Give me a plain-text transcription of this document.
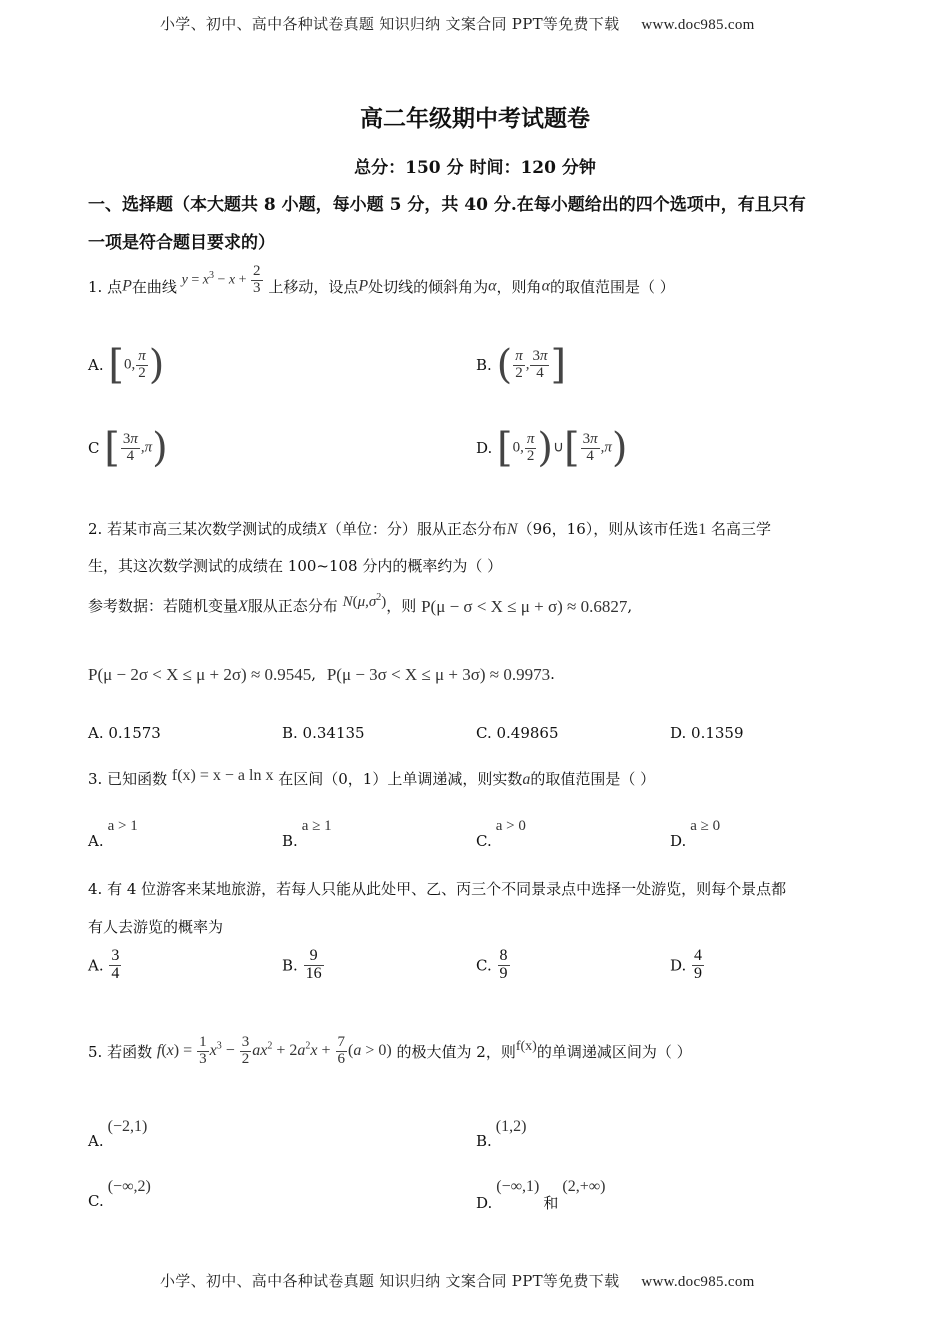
小学、初中、高中各种试卷真题 知识归纳 文案合同 PPT等免费下载 www.doc985.com
高二年级期中考试题卷
总分：150 分 时间：120 分钟
一、选择题（本大题共 8 小题，每小题 5 分，共 40 分.在每小题给出的四个选项中，有且只有
一项是符合题目要求的）
1. 点P在曲线 $y = x^3 - x + \frac{2}{3}$ 上移动，设点P处切线的倾斜角为α，则角α的取值范围是（ ）
A. [0, $\frac{\pi}{2}$ )	B. ( $\frac{\pi}{2}$ , $\frac{3\pi}{4}$ ]
C [ $\frac{3\pi}{4} ,\pi$)	D. [0, $\frac{\pi}{2}$ )∪[ $\frac{3\pi}{4} ,\pi$)
2. 若某市高三某次数学测试的成绩X（单位：分）服从正态分布N（96，16），则从该市任选1 名高三学
生，其这次数学测试的成绩在 100~108 分内的概率约为（ ）
参考数据：若随机变量X服从正态分布 $N(\mu,\sigma^2)$，则 P(μ − σ < X ≤ μ + σ) ≈ 0.6827,
P(μ − 2σ < X ≤ μ + 2σ) ≈ 0.9545, P(μ − 3σ < X ≤ μ + 3σ) ≈ 0.9973.
A. 0.1573	B. 0.34135	C. 0.49865	D. 0.1359
3. 已知函数 f(x) = x − a ln x 在区间（0，1）上单调递减，则实数a的取值范围是（ ）
A.a > 1
B.a ≥ 1
C.a > 0
D.a ≥ 0
4. 有 4 位游客来某地旅游，若每人只能从此处甲、乙、丙三个不同景录点中选择一处游览，则每个景点都
有人去游览的概率为
A. $\frac{3}{4}$	B. $\frac{9}{16}$	C. $\frac{8}{9}$	D. $\frac{4}{9}$
5. 若函数 $f(x) = \frac{1}{3} x^3 - \frac{3}{2} ax^2 + 2a^2x + \frac{7}{6} (a > 0)$ 的极大值为 2，则f(x)的单调递减区间为（ ）
A.(−2,1)
B.(1,2)
C.(−∞,2)
D.(−∞,1)和(2,+∞)
小学、初中、高中各种试卷真题 知识归纳 文案合同 PPT等免费下载 www.doc985.com
